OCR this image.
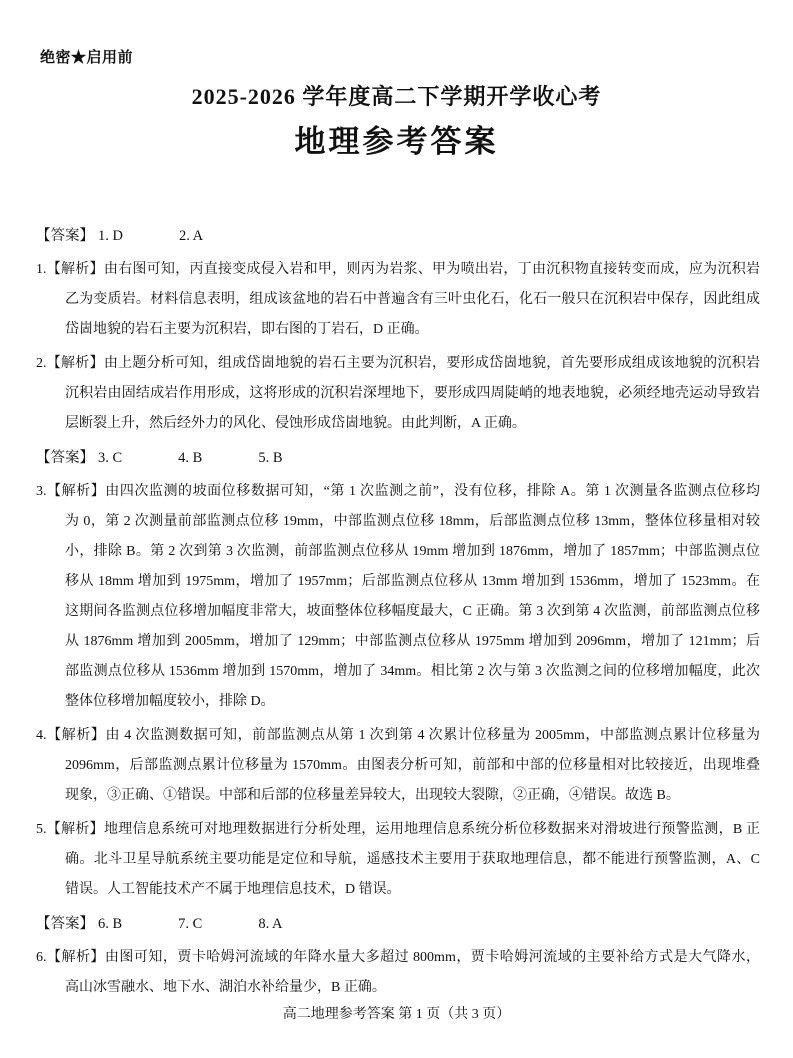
绝密★启用前
2025-2026 学年度高二下学期开学收心考
地理参考答案
【答案】 1. D	2. A
1.【解析】由右图可知，丙直接变成侵入岩和甲，则丙为岩浆、甲为喷出岩，丁由沉积物直接转变而成，应为沉积岩
乙为变质岩。材料信息表明，组成该盆地的岩石中普遍含有三叶虫化石，化石一般只在沉积岩中保存，因此组成
岱崮地貌的岩石主要为沉积岩，即右图的丁岩石，D 正确。
2.【解析】由上题分析可知，组成岱崮地貌的岩石主要为沉积岩，要形成岱崮地貌，首先要形成组成该地貌的沉积岩
沉积岩由固结成岩作用形成，这将形成的沉积岩深埋地下，要形成四周陡峭的地表地貌，必须经地壳运动导致岩
层断裂上升，然后经外力的风化、侵蚀形成岱崮地貌。由此判断，A 正确。
【答案】 3. C	4. B	5. B
3.【解析】由四次监测的坡面位移数据可知，“第 1 次监测之前”，没有位移，排除 A。第 1 次测量各监测点位移均
为 0，第 2 次测量前部监测点位移 19mm，中部监测点位移 18mm，后部监测点位移 13mm，整体位移量相对较
小，排除 B。第 2 次到第 3 次监测，前部监测点位移从 19mm 增加到 1876mm，增加了 1857mm；中部监测点位
移从 18mm 增加到 1975mm，增加了 1957mm；后部监测点位移从 13mm 增加到 1536mm，增加了 1523mm。在
这期间各监测点位移增加幅度非常大，坡面整体位移幅度最大，C 正确。第 3 次到第 4 次监测，前部监测点位移
从 1876mm 增加到 2005mm，增加了 129mm；中部监测点位移从 1975mm 增加到 2096mm，增加了 121mm；后
部监测点位移从 1536mm 增加到 1570mm，增加了 34mm。相比第 2 次与第 3 次监测之间的位移增加幅度，此次
整体位移增加幅度较小，排除 D。
4.【解析】由 4 次监测数据可知，前部监测点从第 1 次到第 4 次累计位移量为 2005mm，中部监测点累计位移量为
2096mm，后部监测点累计位移量为 1570mm。由图表分析可知，前部和中部的位移量相对比较接近，出现堆叠
现象，③正确、①错误。中部和后部的位移量差异较大，出现较大裂隙，②正确，④错误。故选 B。
5.【解析】地理信息系统可对地理数据进行分析处理，运用地理信息系统分析位移数据来对滑坡进行预警监测，B 正
确。北斗卫星导航系统主要功能是定位和导航，遥感技术主要用于获取地理信息，都不能进行预警监测，A、C
错误。人工智能技术产不属于地理信息技术，D 错误。
【答案】 6. B	7. C	8. A
6.【解析】由图可知，贾卡哈姆河流域的年降水量大多超过 800mm，贾卡哈姆河流域的主要补给方式是大气降水，
高山冰雪融水、地下水、湖泊水补给量少，B 正确。
高二地理参考答案 第 1 页（共 3 页）
